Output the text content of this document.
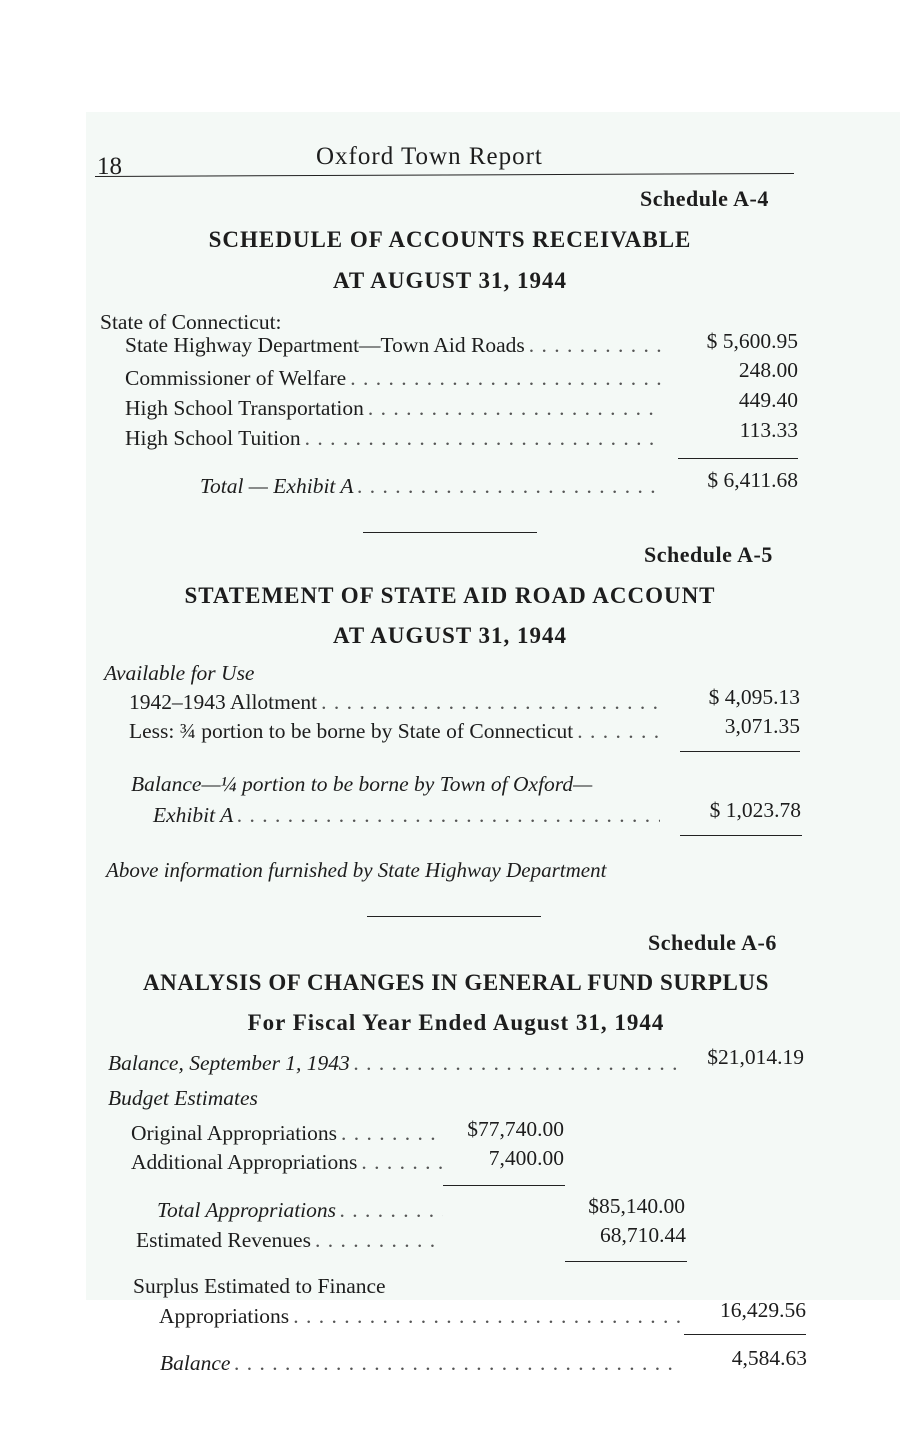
18	Oxford Town Report
Schedule A-4
SCHEDULE OF ACCOUNTS RECEIVABLE
AT AUGUST 31, 1944
State of Connecticut:
State Highway Department—Town Aid Roads . . .	$ 5,600.95
Commissioner of Welfare . . .	248.00
High School Transportation . . .	449.40
High School Tuition . . .	113.33
Total — Exhibit A . . .	$ 6,411.68
Schedule A-5
STATEMENT OF STATE AID ROAD ACCOUNT
AT AUGUST 31, 1944
Available for Use
1942–1943 Allotment . . .	$ 4,095.13
Less: ¾ portion to be borne by State of Connecticut . . .	3,071.35
Balance—¼ portion to be borne by Town of Oxford—
Exhibit A . . .	$ 1,023.78
Above information furnished by State Highway Department
Schedule A-6
ANALYSIS OF CHANGES IN GENERAL FUND SURPLUS
For Fiscal Year Ended August 31, 1944
Balance, September 1, 1943 . . .	$21,014.19
Budget Estimates
Original Appropriations . . .	$77,740.00
Additional Appropriations . . .	7,400.00
Total Appropriations . . .	$85,140.00
Estimated Revenues . . .	68,710.44
Surplus Estimated to Finance
Appropriations . . .	16,429.56
Balance . . .	4,584.63
